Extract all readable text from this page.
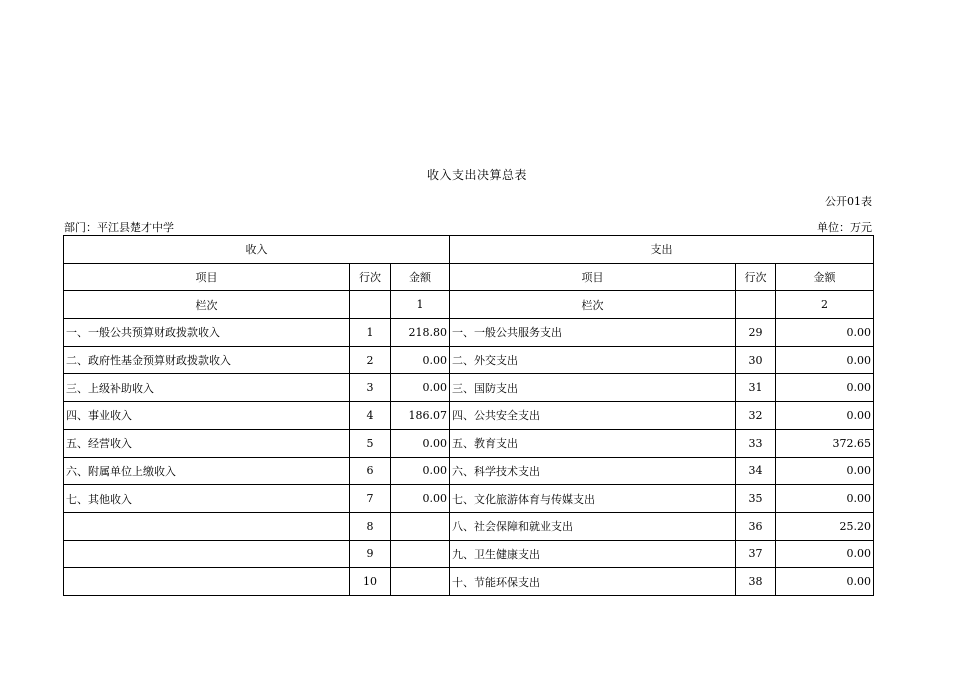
收入支出决算总表
公开01表
部门：平江县楚才中学	单位：万元
收入			支出		
项目	行次	金额	项目	行次	金额
栏次		1	栏次		2
一、一般公共预算财政拨款收入	1	218.80	一、一般公共服务支出	29	0.00
二、政府性基金预算财政拨款收入	2	0.00	二、外交支出	30	0.00
三、上级补助收入	3	0.00	三、国防支出	31	0.00
四、事业收入	4	186.07	四、公共安全支出	32	0.00
五、经营收入	5	0.00	五、教育支出	33	372.65
六、附属单位上缴收入	6	0.00	六、科学技术支出	34	0.00
七、其他收入	7	0.00	七、文化旅游体育与传媒支出	35	0.00
	8		八、社会保障和就业支出	36	25.20
	9		九、卫生健康支出	37	0.00
	10		十、节能环保支出	38	0.00
